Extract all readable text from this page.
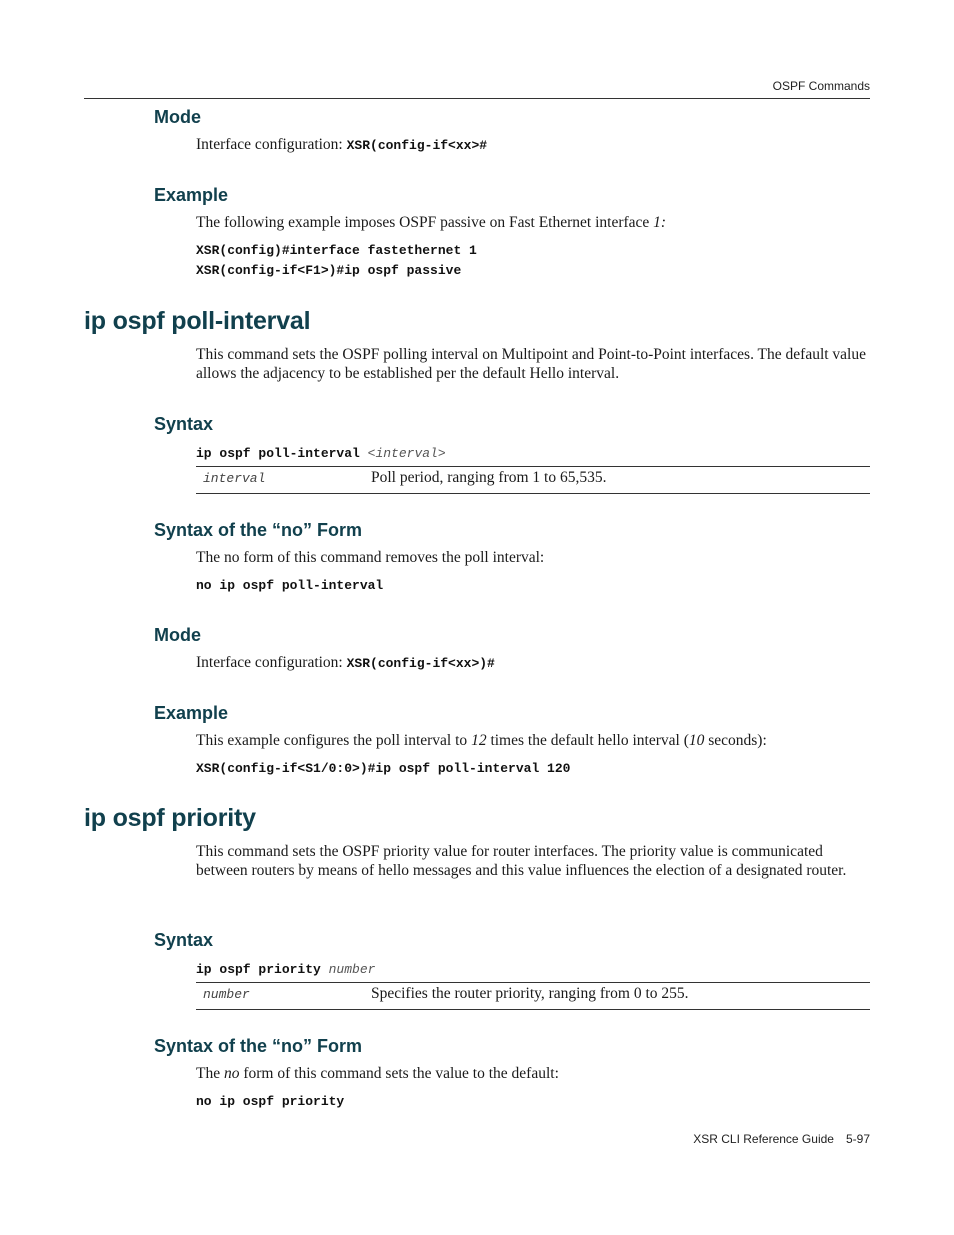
OSPF Commands
Mode
Interface configuration: XSR(config-if<xx>#
Example
The following example imposes OSPF passive on Fast Ethernet interface 1:
XSR(config)#interface fastethernet 1
XSR(config-if<F1>)#ip ospf passive
ip ospf poll-interval
This command sets the OSPF polling interval on Multipoint and Point-to-Point interfaces. The default value allows the adjacency to be established per the default Hello interval.
Syntax
ip ospf poll-interval <interval>
interval	Poll period, ranging from 1 to 65,535.
Syntax of the “no” Form
The no form of this command removes the poll interval:
no ip ospf poll-interval
Mode
Interface configuration: XSR(config-if<xx>)#
Example
This example configures the poll interval to 12 times the default hello interval (10 seconds):
XSR(config-if<S1/0:0>)#ip ospf poll-interval 120
ip ospf priority
This command sets the OSPF priority value for router interfaces. The priority value is communicated between routers by means of hello messages and this value influences the election of a designated router.
Syntax
ip ospf priority number
number	Specifies the router priority, ranging from 0 to 255.
Syntax of the “no” Form
The no form of this command sets the value to the default:
no ip ospf priority
XSR CLI Reference Guide 5-97
